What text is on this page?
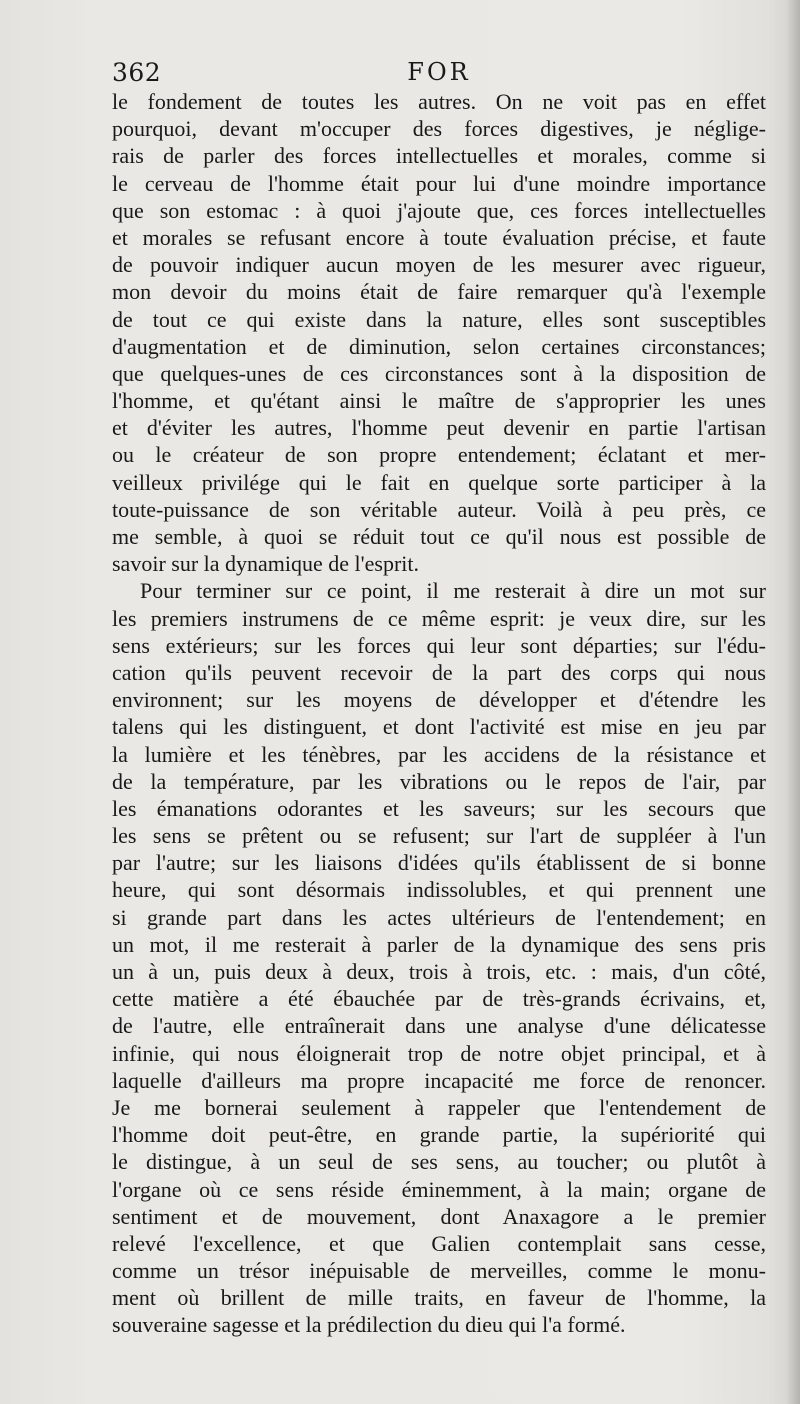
362	FOR
le fondement de toutes les autres. On ne voit pas en effet
pourquoi, devant m'occuper des forces digestives, je néglige-
rais de parler des forces intellectuelles et morales, comme si
le cerveau de l'homme était pour lui d'une moindre importance
que son estomac : à quoi j'ajoute que, ces forces intellectuelles
et morales se refusant encore à toute évaluation précise, et faute
de pouvoir indiquer aucun moyen de les mesurer avec rigueur,
mon devoir du moins était de faire remarquer qu'à l'exemple
de tout ce qui existe dans la nature, elles sont susceptibles
d'augmentation et de diminution, selon certaines circonstances;
que quelques-unes de ces circonstances sont à la disposition de
l'homme, et qu'étant ainsi le maître de s'approprier les unes
et d'éviter les autres, l'homme peut devenir en partie l'artisan
ou le créateur de son propre entendement; éclatant et mer-
veilleux privilége qui le fait en quelque sorte participer à la
toute-puissance de son véritable auteur. Voilà à peu près, ce
me semble, à quoi se réduit tout ce qu'il nous est possible de
savoir sur la dynamique de l'esprit.
Pour terminer sur ce point, il me resterait à dire un mot sur
les premiers instrumens de ce même esprit: je veux dire, sur les
sens extérieurs; sur les forces qui leur sont départies; sur l'édu-
cation qu'ils peuvent recevoir de la part des corps qui nous
environnent; sur les moyens de développer et d'étendre les
talens qui les distinguent, et dont l'activité est mise en jeu par
la lumière et les ténèbres, par les accidens de la résistance et
de la température, par les vibrations ou le repos de l'air, par
les émanations odorantes et les saveurs; sur les secours que
les sens se prêtent ou se refusent; sur l'art de suppléer à l'un
par l'autre; sur les liaisons d'idées qu'ils établissent de si bonne
heure, qui sont désormais indissolubles, et qui prennent une
si grande part dans les actes ultérieurs de l'entendement; en
un mot, il me resterait à parler de la dynamique des sens pris
un à un, puis deux à deux, trois à trois, etc. : mais, d'un côté,
cette matière a été ébauchée par de très-grands écrivains, et,
de l'autre, elle entraînerait dans une analyse d'une délicatesse
infinie, qui nous éloignerait trop de notre objet principal, et à
laquelle d'ailleurs ma propre incapacité me force de renoncer.
Je me bornerai seulement à rappeler que l'entendement de
l'homme doit peut-être, en grande partie, la supériorité qui
le distingue, à un seul de ses sens, au toucher; ou plutôt à
l'organe où ce sens réside éminemment, à la main; organe de
sentiment et de mouvement, dont Anaxagore a le premier
relevé l'excellence, et que Galien contemplait sans cesse,
comme un trésor inépuisable de merveilles, comme le monu-
ment où brillent de mille traits, en faveur de l'homme, la
souveraine sagesse et la prédilection du dieu qui l'a formé.
